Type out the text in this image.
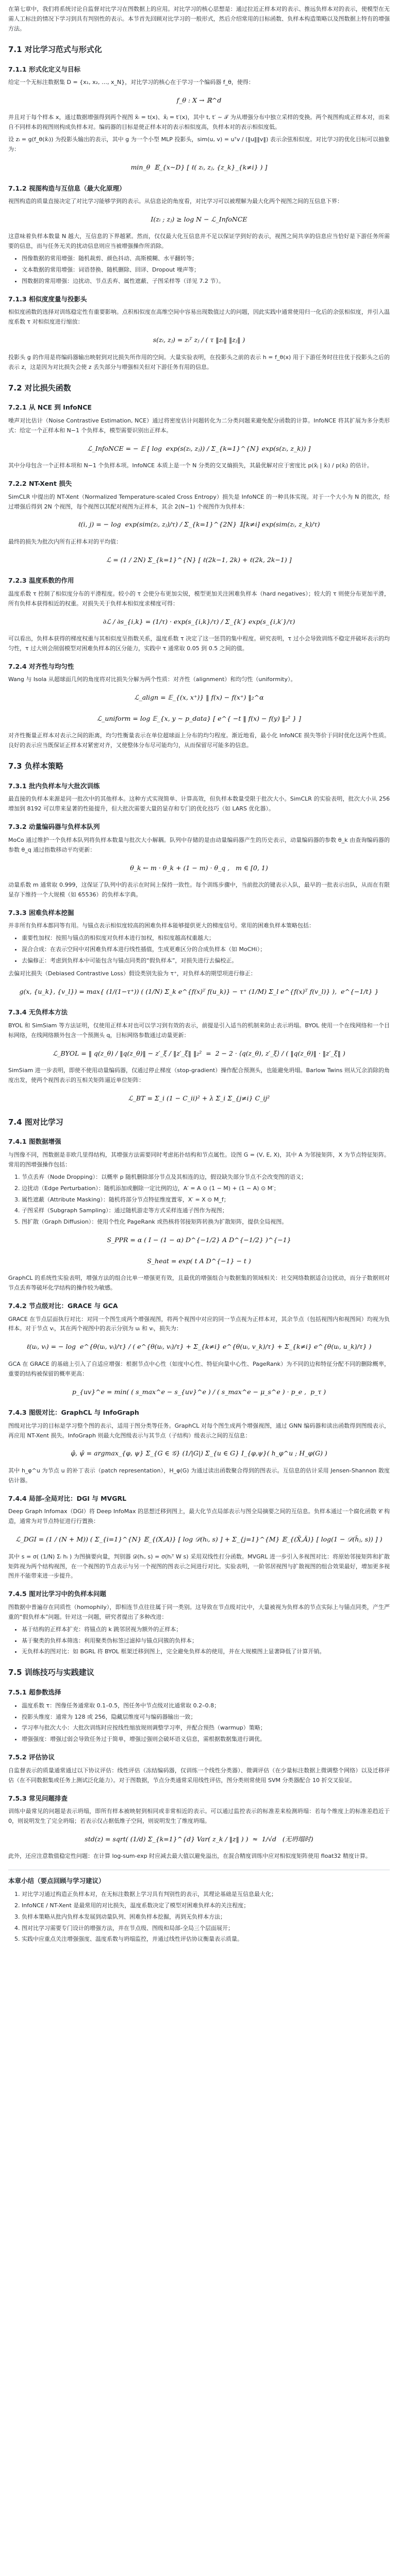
在第七章中，我们将系统讨论自监督对比学习在图数据上的应用。对比学习的核心思想是：通过拉近正样本对的表示、推远负样本对的表示，使模型在无需人工标注的情况下学习到具有判别性的表示。本节首先回顾对比学习的一般形式，然后介绍常用的目标函数、负样本构造策略以及图数据上特有的增强方法。

7.1 对比学习范式与形式化
7.1.1 形式化定义与目标

给定一个无标注数据集 D = {x₁, x₂, …, x_N}，对比学习的核心在于学习一个编码器 f_θ，使得：

f_θ : X → ℝ^d

并且对于每个样本 x，通过数据增强得到两个视图 x̃ᵢ = t(x)、x̃ⱼ = t′(x)，其中 t, t′ ~ 𝒯 为从增强分布中独立采样的变换。两个视图构成正样本对，而来自不同样本的视图则构成负样本对。编码器的目标是使正样本对的表示相似度高，负样本对的表示相似度低。

设 zᵢ = g(f_θ(x̃ᵢ)) 为投影头输出的表示，其中 g 为一个小型 MLP 投影头，sim(u, v) = uᵀv / (‖u‖‖v‖) 表示余弦相似度。对比学习的优化目标可以抽象为：

min_θ  𝔼_{x∼D} [ ℓ( zᵢ, zⱼ, {z_k}_{k≠i} ) ]
7.1.2 视图构造与互信息（最大化原理）

视图构造的质量直接决定了对比学习能够学到的表示。从信息论的角度看，对比学习可以被理解为最大化两个视图之间的互信息下界：

I(zᵢ ; zⱼ) ≥ log N − ℒ_InfoNCE

这意味着负样本数量 N 越大，互信息的下界越紧。然而，仅仅最大化互信息并不足以保证学到好的表示，视图之间共享的信息应当恰好是下游任务所需要的信息，而与任务无关的扰动信息则应当被增强操作所消除。

• 图像数据的常用增强：随机裁剪、颜色抖动、高斯模糊、水平翻转等；
• 文本数据的常用增强：词语替换、随机删除、回译、Dropout 噪声等；
• 图数据的常用增强：边扰动、节点丢弃、属性遮蔽、子图采样等（详见 7.2 节）。
7.1.3 相似度度量与投影头

相似度函数的选择对训练稳定性有重要影响。点积相似度在高维空间中容易出现数值过大的问题，因此实践中通常使用归一化后的余弦相似度，并引入温度系数 τ 对相似度进行缩放：

s(zᵢ, zⱼ) = zᵢᵀ zⱼ / ( τ ‖zᵢ‖ ‖zⱼ‖ )

投影头 g 的作用是将编码器输出映射到对比损失所作用的空间。大量实验表明，在投影头之前的表示 h = f_θ(x) 用于下游任务时往往优于投影头之后的表示 z，这是因为对比损失会使 z 丢失部分与增强相关但对下游任务有用的信息。

7.2 对比损失函数
7.2.1 从 NCE 到 InfoNCE

噪声对比估计（Noise Contrastive Estimation, NCE）通过将密度估计问题转化为二分类问题来避免配分函数的计算。InfoNCE 将其扩展为多分类形式：给定一个正样本和 N−1 个负样本，模型需要识别出正样本。

ℒ_InfoNCE = − 𝔼 [ log  exp(s(zᵢ, zⱼ)) / Σ_{k=1}^{N} exp(s(zᵢ, z_k)) ]

其中分母包含一个正样本项和 N−1 个负样本项。InfoNCE 本质上是一个 N 分类的交叉熵损失，其最优解对应于密度比 p(x̃ⱼ | x̃ᵢ) / p(x̃ⱼ) 的估计。

7.2.2 NT-Xent 损失

SimCLR 中提出的 NT-Xent（Normalized Temperature-scaled Cross Entropy）损失是 InfoNCE 的一种具体实现。对于一个大小为 N 的批次，经过增强后得到 2N 个视图，每个视图以其配对视图为正样本，其余 2(N−1) 个视图作为负样本：

ℓ(i, j) = − log  exp(sim(zᵢ, zⱼ)/τ) / Σ_{k=1}^{2N} 𝟙[k≠i] exp(sim(zᵢ, z_k)/τ)

最终的损失为批次内所有正样本对的平均值：

ℒ = (1 / 2N) Σ_{k=1}^{N} [ ℓ(2k−1, 2k) + ℓ(2k, 2k−1) ]
7.2.3 温度系数的作用

温度系数 τ 控制了相似度分布的平滑程度。较小的 τ 会使分布更加尖锐，模型更加关注困难负样本（hard negatives）；较大的 τ 则使分布更加平滑，所有负样本获得相近的权重。对损失关于负样本相似度求梯度可得：

∂ℒ / ∂s_{i,k} = (1/τ) · exp(s_{i,k}/τ) / Σ_{k′} exp(s_{i,k′}/τ)

可以看出，负样本获得的梯度权重与其相似度呈指数关系，温度系数 τ 决定了这一惩罚的集中程度。研究表明，τ 过小会导致训练不稳定并破坏表示的均匀性，τ 过大则会削弱模型对困难负样本的区分能力，实践中 τ 通常取 0.05 到 0.5 之间的值。

7.2.4 对齐性与均匀性

Wang 与 Isola 从超球面几何的角度将对比损失分解为两个性质：对齐性（alignment）和均匀性（uniformity）。

ℒ_align = 𝔼_{(x, x⁺)} ‖ f(x) − f(x⁺) ‖₂^α
ℒ_uniform = log 𝔼_{x, y ∼ p_data} [ e^{ −t ‖ f(x) − f(y) ‖₂² } ]

对齐性衡量正样本对表示之间的距离，均匀性衡量表示在单位超球面上分布的均匀程度。渐近地看，最小化 InfoNCE 损失等价于同时优化这两个性质。良好的表示应当既保证正样本对紧密对齐，又使整体分布尽可能均匀，从而保留尽可能多的信息。

7.3 负样本策略
7.3.1 批内负样本与大批次训练

最直接的负样本来源是同一批次中的其他样本。这种方式实现简单、计算高效，但负样本数量受限于批次大小。SimCLR 的实验表明，批次大小从 256 增加到 8192 可以带来显著的性能提升，但大批次需要大量的显存和专门的优化技巧（如 LARS 优化器）。

7.3.2 动量编码器与负样本队列

MoCo 通过维护一个负样本队列将负样本数量与批次大小解耦。队列中存储的是由动量编码器产生的历史表示，动量编码器的参数 θ_k 由查询编码器的参数 θ_q 通过指数移动平均更新：

θ_k ← m · θ_k + (1 − m) · θ_q ,   m ∈ [0, 1)

动量系数 m 通常取 0.999，这保证了队列中的表示在时间上保持一致性。每个训练步骤中，当前批次的键表示入队，最早的一批表示出队，从而在有限显存下维持一个大规模（如 65536）的负样本字典。

7.3.3 困难负样本挖掘

并非所有负样本都同等有用。与锚点表示相似度较高的困难负样本能够提供更大的梯度信号。常用的困难负样本策略包括：

• 重要性加权：按照与锚点的相似度对负样本进行加权，相似度越高权重越大；
• 混合合成：在表示空间中对困难负样本进行线性插值，生成更难区分的合成负样本（如 MoCHi）；
• 去偏修正：考虑到负样本中可能包含与锚点同类的“假负样本”，对损失进行去偏校正。

去偏对比损失（Debiased Contrastive Loss）假设类别先验为 τ⁺，对负样本的期望项进行修正：

g(x, {u_k}, {v_l}) = max{ (1/(1−τ⁺)) ( (1/N) Σ_k e^{f(x)ᵀ f(u_k)} − τ⁺ (1/M) Σ_l e^{f(x)ᵀ f(v_l)} ),  e^{−1/t} }
7.3.4 无负样本方法

BYOL 和 SimSiam 等方法证明，仅使用正样本对也可以学习到有效的表示，前提是引入适当的机制来防止表示坍塌。BYOL 使用一个在线网络和一个目标网络，在线网络额外包含一个预测头 q，目标网络参数通过动量更新：

ℒ_BYOL = ‖ q(z_θ) / ‖q(z_θ)‖ − z′_ξ / ‖z′_ξ‖ ‖₂²  =  2 − 2 · ⟨q(z_θ), z′_ξ⟩ / ( ‖q(z_θ)‖ · ‖z′_ξ‖ )

SimSiam 进一步表明，即使不使用动量编码器，仅通过停止梯度（stop-gradient）操作配合预测头，也能避免坍塌。Barlow Twins 则从冗余消除的角度出发，使两个视图表示的互相关矩阵逼近单位矩阵：

ℒ_BT = Σ_i (1 − C_ii)² + λ Σ_i Σ_{j≠i} C_ij²
7.4 图对比学习
7.4.1 图数据增强

与图像不同，图数据是非欧几里得结构，其增强方法需要同时考虑拓扑结构和节点属性。设图 G = (V, E, X)，其中 A 为邻接矩阵，X 为节点特征矩阵。常用的图增强操作包括：

1. 节点丢弃（Node Dropping）：以概率 p 随机删除部分节点及其相连的边，假设缺失部分节点不会改变图的语义；
2. 边扰动（Edge Perturbation）：随机添加或删除一定比例的边，A′ = A ⊙ (1 − M) + (1 − A) ⊙ M′；
3. 属性遮蔽（Attribute Masking）：随机将部分节点特征维度置零，X′ = X ⊙ M_f；
4. 子图采样（Subgraph Sampling）：通过随机游走等方式采样连通子图作为视图；
5. 图扩散（Graph Diffusion）：使用个性化 PageRank 或热核将邻接矩阵转换为扩散矩阵，提供全局视图。
S_PPR = α ( I − (1 − α) D^{−1/2} A D^{−1/2} )^{−1}
S_heat = exp( t A D^{−1} − t )

GraphCL 的系统性实验表明，增强方法的组合比单一增强更有效，且最优的增强组合与数据集的领域相关：社交网络数据适合边扰动，而分子数据则对节点丢弃等破坏化学结构的操作较为敏感。

7.4.2 节点级对比：GRACE 与 GCA

GRACE 在节点层面执行对比：对同一个图生成两个增强视图，将两个视图中对应的同一节点视为正样本对，其余节点（包括视图内和视图间）均视为负样本。对于节点 vᵢ，其在两个视图中的表示分别为 uᵢ 和 vᵢ，损失为：

ℓ(uᵢ, vᵢ) = − log  e^{θ(uᵢ, vᵢ)/τ} / ( e^{θ(uᵢ, vᵢ)/τ} + Σ_{k≠i} e^{θ(uᵢ, v_k)/τ} + Σ_{k≠i} e^{θ(uᵢ, u_k)/τ} )

GCA 在 GRACE 的基础上引入了自适应增强：根据节点中心性（如度中心性、特征向量中心性、PageRank）为不同的边和特征分配不同的删除概率，重要的结构被保留的概率更高：

p_{uv}^e = min( ( s_max^e − s_{uv}^e ) / ( s_max^e − μ_s^e ) · p_e ,  p_τ )
7.4.3 图级对比：GraphCL 与 InfoGraph

图级对比学习的目标是学习整个图的表示，适用于图分类等任务。GraphCL 对每个图生成两个增强视图，通过 GNN 编码器和读出函数得到图级表示，再应用 NT-Xent 损失。InfoGraph 则最大化图级表示与其节点（子结构）级表示之间的互信息：

φ̂, ψ̂ = argmax_{φ, ψ} Σ_{G ∈ 𝒢} (1/|G|) Σ_{u ∈ G} I_{φ,ψ}( h_φ^u ; H_φ(G) )

其中 h_φ^u 为节点 u 的补丁表示（patch representation），H_φ(G) 为通过读出函数聚合得到的图表示。互信息的估计采用 Jensen-Shannon 散度估计器。

7.4.4 局部-全局对比：DGI 与 MVGRL

Deep Graph Infomax（DGI）将 Deep InfoMax 的思想迁移到图上，最大化节点局部表示与图全局摘要之间的互信息。负样本通过一个腐化函数 𝒞 构造，通常为对节点特征进行行置换：

ℒ_DGI = (1 / (N + M)) ( Σ_{i=1}^{N} 𝔼_{(X,A)} [ log 𝒟(hᵢ, s) ] + Σ_{j=1}^{M} 𝔼_{(X̃,Ã)} [ log(1 − 𝒟(h̃ⱼ, s)) ] )

其中 s = σ( (1/N) Σᵢ hᵢ ) 为图摘要向量，判别器 𝒟(hᵢ, s) = σ(hᵢᵀ W s) 采用双线性打分函数。MVGRL 进一步引入多视图对比：将原始邻接矩阵和扩散矩阵视为两个结构视图，在一个视图的节点表示与另一个视图的图表示之间进行对比。实验表明，一阶邻居视图与扩散视图的组合效果最好，增加更多视图并不能带来进一步提升。

7.4.5 图对比学习中的负样本问题

图数据中普遍存在同质性（homophily），即相连节点往往属于同一类别。这导致在节点级对比中，大量被视为负样本的节点实际上与锚点同类，产生严重的“假负样本”问题。针对这一问题，研究者提出了多种改进：

• 基于结构的正样本扩充：将锚点的 k 跳邻居视为额外的正样本；
• 基于聚类的负样本筛选：利用聚类伪标签过滤掉与锚点同簇的负样本；
• 无负样本的图对比：如 BGRL 将 BYOL 框架迁移到图上，完全避免负样本的使用，并在大规模图上显著降低了计算开销。
7.5 训练技巧与实践建议
7.5.1 超参数选择
• 温度系数 τ：图像任务通常取 0.1–0.5，图任务中节点级对比通常取 0.2–0.8；
• 投影头维度：通常为 128 或 256，隐藏层维度可与编码器输出一致；
• 学习率与批次大小：大批次训练时应按线性缩放规则调整学习率，并配合预热（warmup）策略；
• 增强强度：增强过弱会导致任务过于简单，增强过强则会破坏语义信息，需根据数据集进行调优。
7.5.2 评估协议

自监督表示的质量通常通过以下协议评估：线性评估（冻结编码器，仅训练一个线性分类器）、微调评估（在少量标注数据上微调整个网络）以及迁移评估（在不同数据集或任务上测试泛化能力）。对于图数据，节点分类通常采用线性评估，图分类则常使用 SVM 分类器配合 10 折交叉验证。

7.5.3 常见问题排查

训练中最常见的问题是表示坍塌，即所有样本被映射到相同或非常相近的表示。可以通过监控表示的标准差来检测坍塌：若每个维度上的标准差趋近于 0，则说明发生了完全坍塌；若表示仅占据低维子空间，则说明发生了维度坍塌。

std(z) = sqrt( (1/d) Σ_{k=1}^{d} Var( z_k / ‖z‖ ) )  ≈  1/√d   (无坍塌时)

此外，还应注意数值稳定性问题：在计算 log-sum-exp 时应减去最大值以避免溢出，在混合精度训练中应对相似度矩阵使用 float32 精度计算。

本章小结（要点回顾与学习建议）
1. 对比学习通过构造正负样本对，在无标注数据上学习具有判别性的表示，其理论基础是互信息最大化；
2. InfoNCE / NT-Xent 是最常用的对比损失，温度系数决定了模型对困难负样本的关注程度；
3. 负样本策略从批内负样本发展到动量队列、困难负样本挖掘，再到无负样本方法；
4. 图对比学习需要专门设计的增强方法，并在节点级、图级和局部-全局三个层面展开；
5. 实践中应重点关注增强强度、温度系数与坍塌监控，并通过线性评估协议衡量表示质量。
